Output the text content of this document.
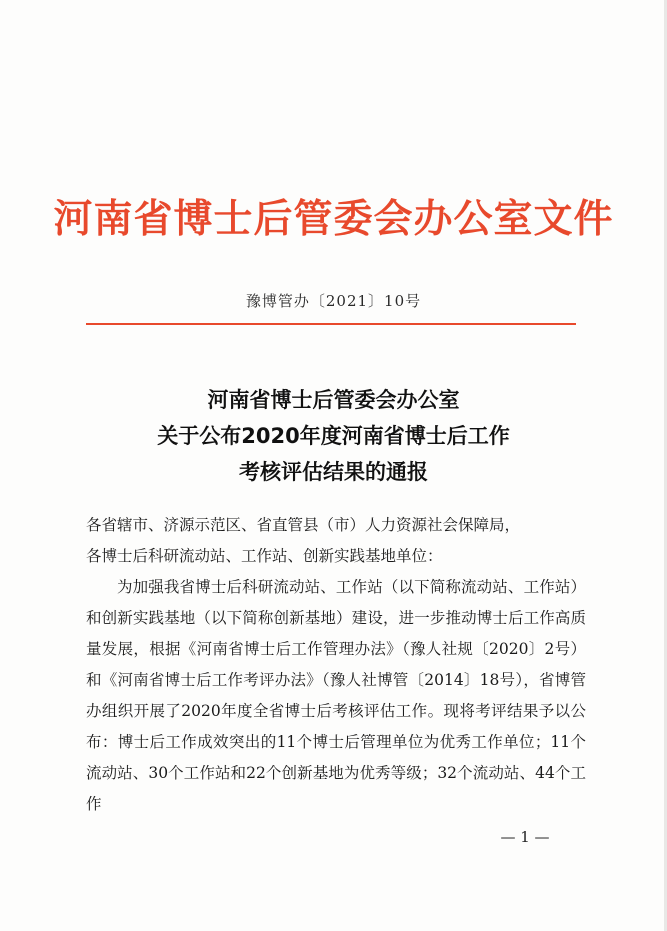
河南省博士后管委会办公室文件
豫博管办〔2021〕10号
河南省博士后管委会办公室
关于公布2020年度河南省博士后工作
考核评估结果的通报

各省辖市、济源示范区、省直管县（市）人力资源社会保障局，

各博士后科研流动站、工作站、创新实践基地单位：

为加强我省博士后科研流动站、工作站（以下简称流动站、工作站）和创新实践基地（以下简称创新基地）建设，进一步推动博士后工作高质量发展，根据《河南省博士后工作管理办法》（豫人社规〔2020〕2号）和《河南省博士后工作考评办法》（豫人社博管〔2014〕18号），省博管办组织开展了2020年度全省博士后考核评估工作。现将考评结果予以公布：博士后工作成效突出的11个博士后管理单位为优秀工作单位；11个流动站、30个工作站和22个创新基地为优秀等级；32个流动站、44个工作

— 1 —
